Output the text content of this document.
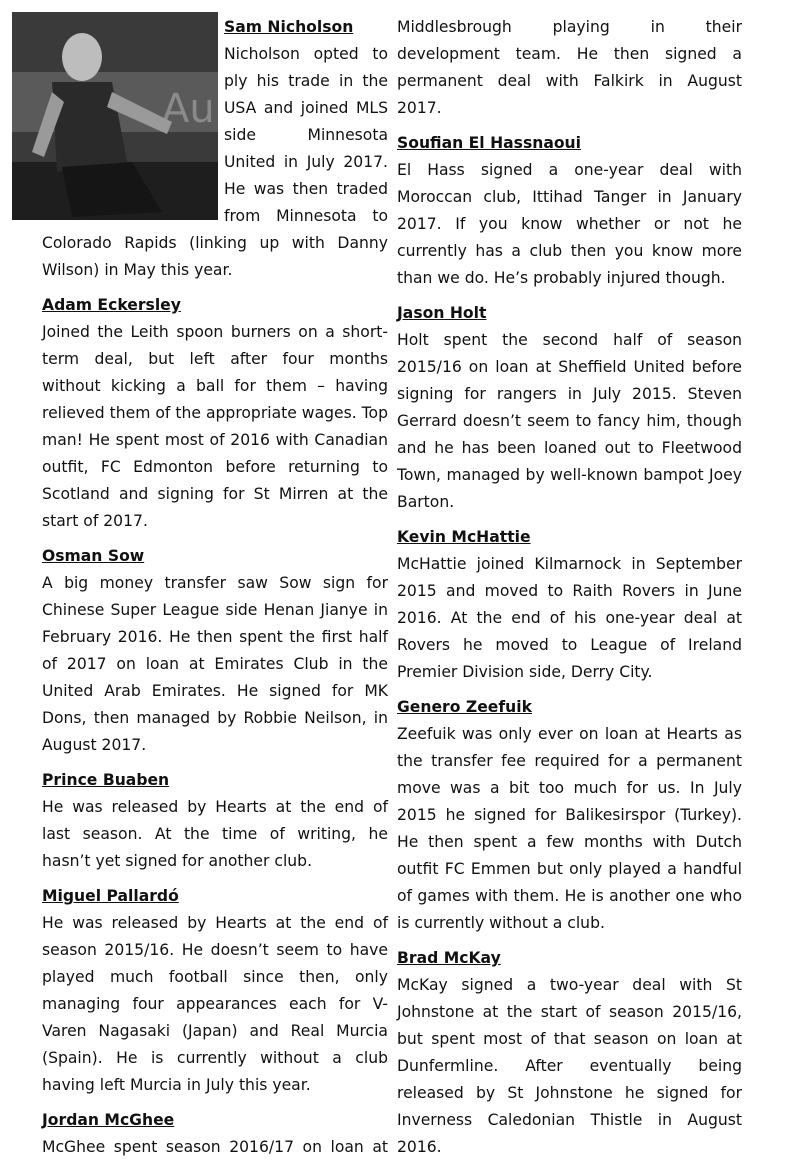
Au
Sam Nicholson

Nicholson opted to ply his trade in the USA and joined MLS side Minnesota United in July 2017. He was then traded from Minnesota to Colorado Rapids (linking up with Danny Wilson) in May this year.

Adam Eckersley

Joined the Leith spoon burners on a short-term deal, but left after four months without kicking a ball for them – having relieved them of the appropriate wages. Top man! He spent most of 2016 with Canadian outfit, FC Edmonton before returning to Scotland and signing for St Mirren at the start of 2017.

Osman Sow

A big money transfer saw Sow sign for Chinese Super League side Henan Jianye in February 2016. He then spent the first half of 2017 on loan at Emirates Club in the United Arab Emirates. He signed for MK Dons, then managed by Robbie Neilson, in August 2017.

Prince Buaben

He was released by Hearts at the end of last season. At the time of writing, he hasn’t yet signed for another club.

Miguel Pallardó

He was released by Hearts at the end of season 2015/16. He doesn’t seem to have played much football since then, only managing four appearances each for V-Varen Nagasaki (Japan) and Real Murcia (Spain). He is currently without a club having left Murcia in July this year.

Jordan McGhee

McGhee spent season 2016/17 on loan at

Middlesbrough playing in their development team. He then signed a permanent deal with Falkirk in August 2017.

Soufian El Hassnaoui

El Hass signed a one-year deal with Moroccan club, Ittihad Tanger in January 2017. If you know whether or not he currently has a club then you know more than we do. He’s probably injured though.

Jason Holt

Holt spent the second half of season 2015/16 on loan at Sheffield United before signing for rangers in July 2015. Steven Gerrard doesn’t seem to fancy him, though and he has been loaned out to Fleetwood Town, managed by well-known bampot Joey Barton.

Kevin McHattie

McHattie joined Kilmarnock in September 2015 and moved to Raith Rovers in June 2016. At the end of his one-year deal at Rovers he moved to League of Ireland Premier Division side, Derry City.

Genero Zeefuik

Zeefuik was only ever on loan at Hearts as the transfer fee required for a permanent move was a bit too much for us. In July 2015 he signed for Balikesirspor (Turkey). He then spent a few months with Dutch outfit FC Emmen but only played a handful of games with them. He is another one who is currently without a club.

Brad McKay

McKay signed a two-year deal with St Johnstone at the start of season 2015/16, but spent most of that season on loan at Dunfermline. After eventually being released by St Johnstone he signed for Inverness Caledonian Thistle in August 2016.
